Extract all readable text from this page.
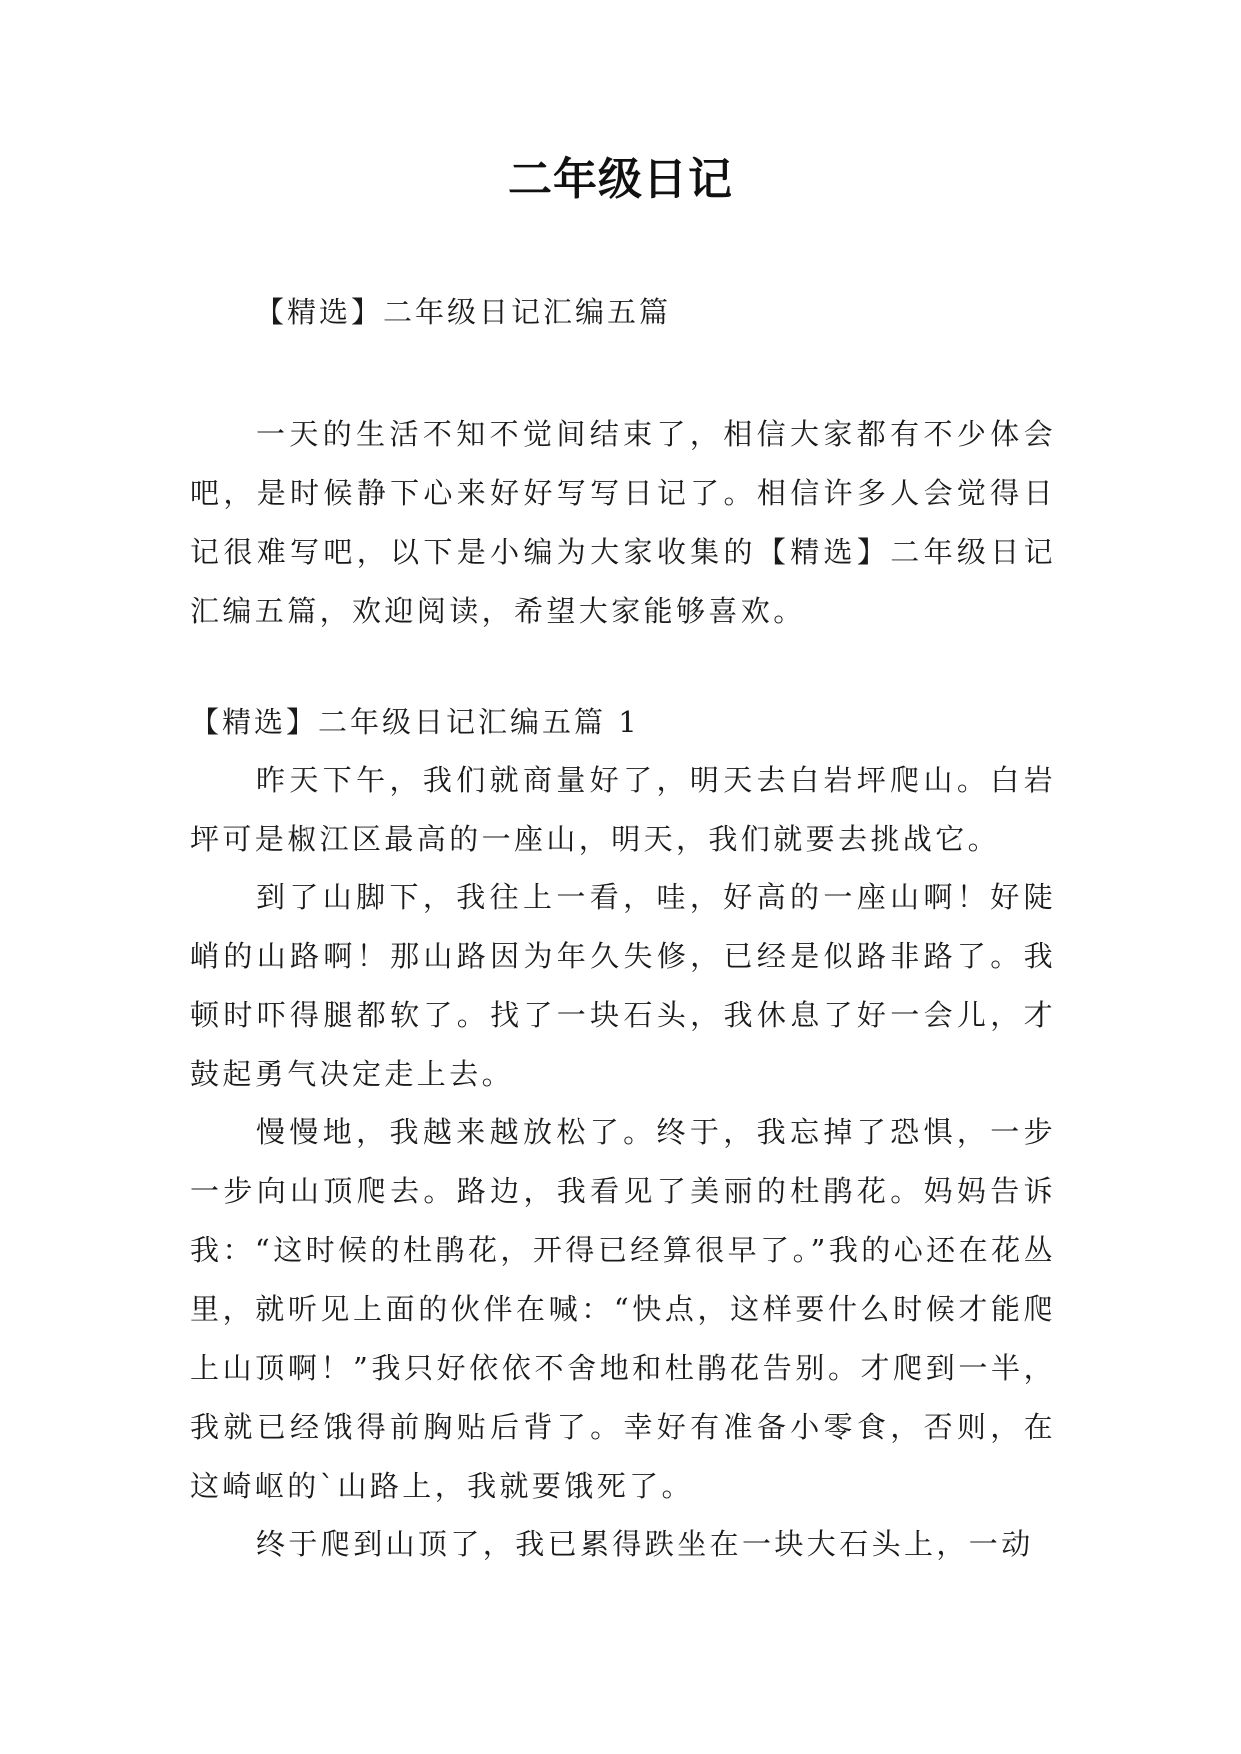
二年级日记
【精选】二年级日记汇编五篇

一天的生活不知不觉间结束了，相信大家都有不少体会吧，是时候静下心来好好写写日记了。相信许多人会觉得日记很难写吧，以下是小编为大家收集的【精选】二年级日记汇编五篇，欢迎阅读，希望大家能够喜欢。

【精选】二年级日记汇编五篇 1

昨天下午，我们就商量好了，明天去白岩坪爬山。白岩坪可是椒江区最高的一座山，明天，我们就要去挑战它。

到了山脚下，我往上一看，哇，好高的一座山啊！好陡峭的山路啊！那山路因为年久失修，已经是似路非路了。我顿时吓得腿都软了。找了一块石头，我休息了好一会儿，才鼓起勇气决定走上去。

慢慢地，我越来越放松了。终于，我忘掉了恐惧，一步一步向山顶爬去。路边，我看见了美丽的杜鹃花。妈妈告诉我：“这时候的杜鹃花，开得已经算很早了。”我的心还在花丛里，就听见上面的伙伴在喊：“快点，这样要什么时候才能爬上山顶啊！”我只好依依不舍地和杜鹃花告别。才爬到一半，我就已经饿得前胸贴后背了。幸好有准备小零食，否则，在这崎岖的`山路上，我就要饿死了。

终于爬到山顶了，我已累得跌坐在一块大石头上，一动
